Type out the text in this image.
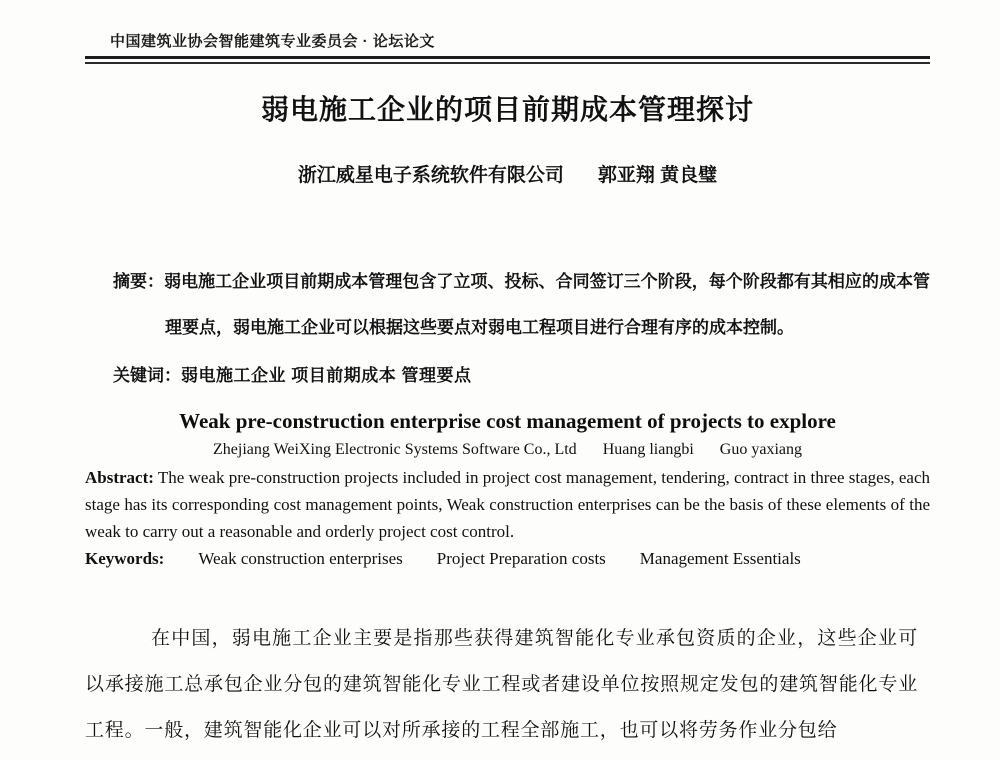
中国建筑业协会智能建筑专业委员会 · 论坛论文
弱电施工企业的项目前期成本管理探讨
浙江威星电子系统软件有限公司 郭亚翔 黄良璧

摘要：弱电施工企业项目前期成本管理包含了立项、投标、合同签订三个阶段，每个阶段都有其相应的成本管理要点，弱电施工企业可以根据这些要点对弱电工程项目进行合理有序的成本控制。

关键词：弱电施工企业 项目前期成本 管理要点

Weak pre-construction enterprise cost management of projects to explore
Zhejiang WeiXing Electronic Systems Software Co., Ltd Huang liangbi Guo yaxiang

Abstract: The weak pre-construction projects included in project cost management, tendering, contract in three stages, each stage has its corresponding cost management points, Weak construction enterprises can be the basis of these elements of the weak to carry out a reasonable and orderly project cost control.

Keywords: Weak construction enterprises Project Preparation costs Management Essentials

在中国，弱电施工企业主要是指那些获得建筑智能化专业承包资质的企业，这些企业可以承接施工总承包企业分包的建筑智能化专业工程或者建设单位按照规定发包的建筑智能化专业工程。一般，建筑智能化企业可以对所承接的工程全部施工，也可以将劳务作业分包给
